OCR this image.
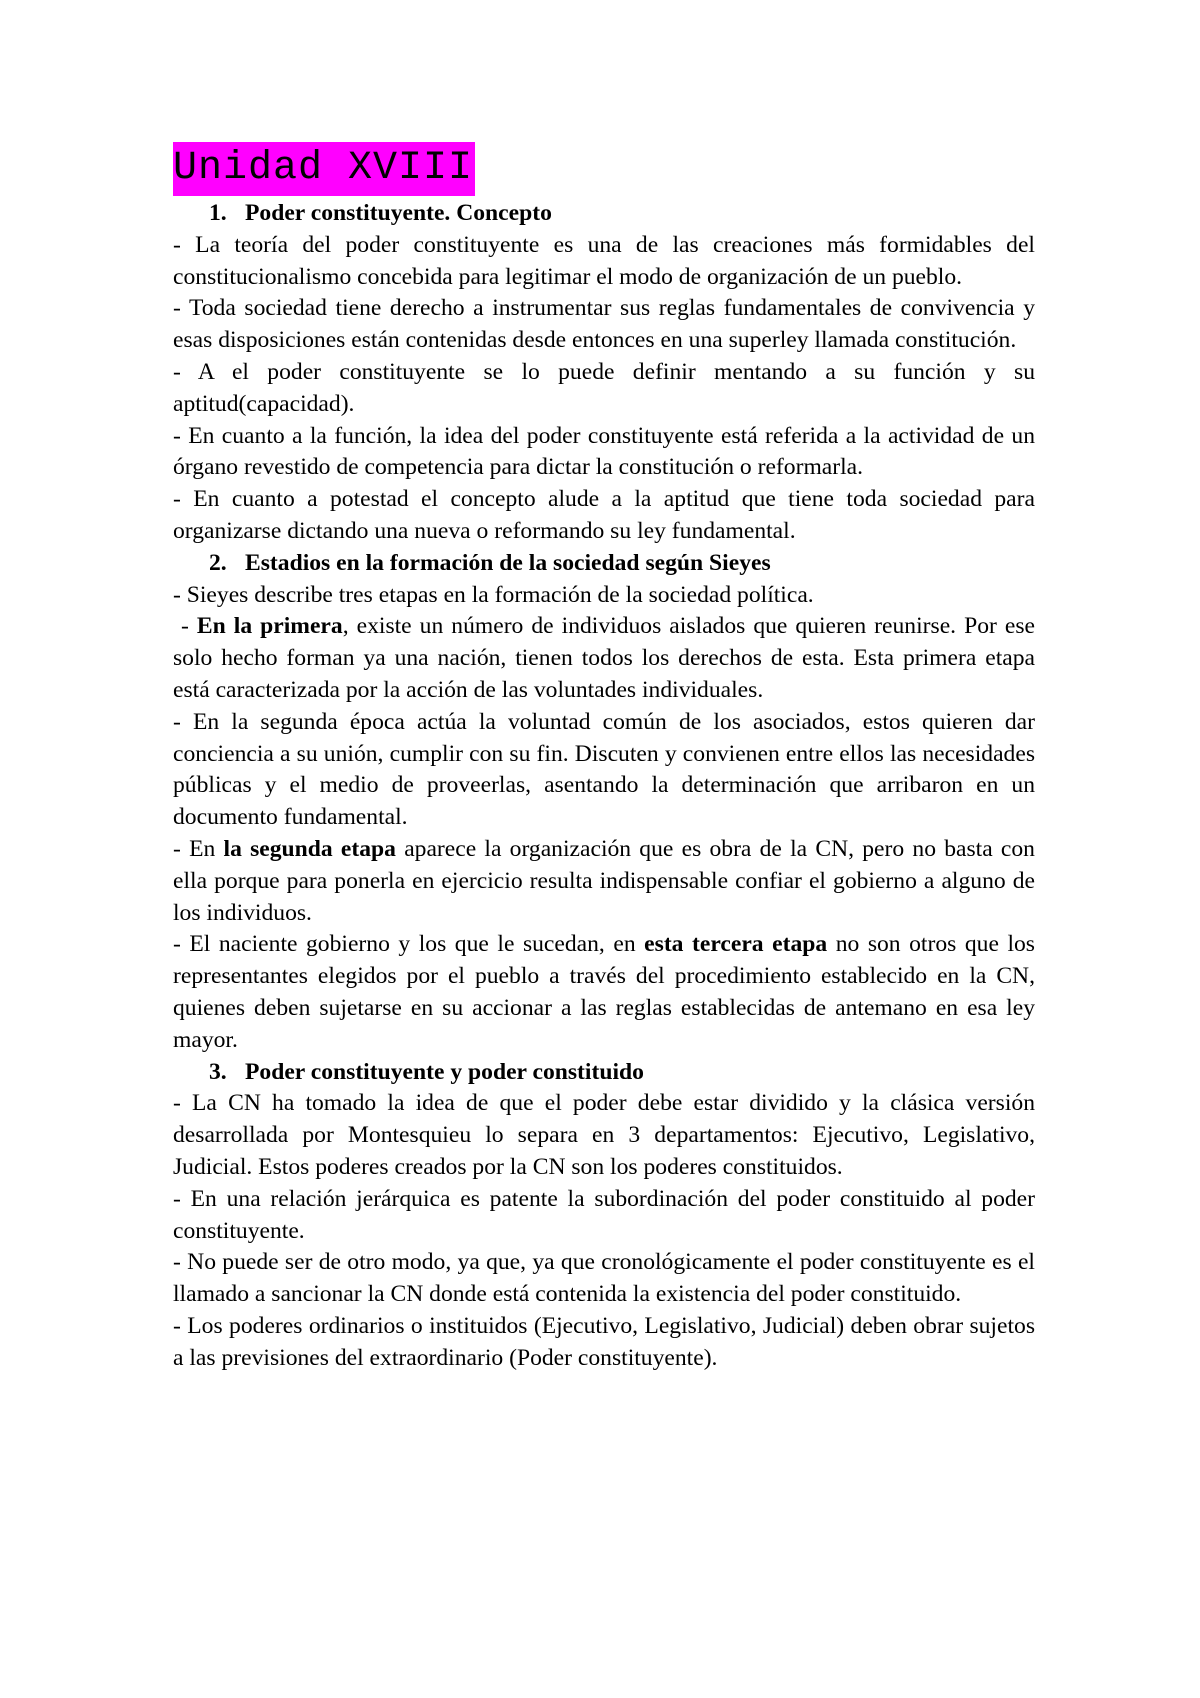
Unidad XVIII

1. Poder constituyente. Concepto

- La teoría del poder constituyente es una de las creaciones más formidables del constitucionalismo concebida para legitimar el modo de organización de un pueblo.

- Toda sociedad tiene derecho a instrumentar sus reglas fundamentales de convivencia y esas disposiciones están contenidas desde entonces en una superley llamada constitución.

- A el poder constituyente se lo puede definir mentando a su función y su aptitud(capacidad).

- En cuanto a la función, la idea del poder constituyente está referida a la actividad de un órgano revestido de competencia para dictar la constitución o reformarla.

- En cuanto a potestad el concepto alude a la aptitud que tiene toda sociedad para organizarse dictando una nueva o reformando su ley fundamental.

2. Estadios en la formación de la sociedad según Sieyes

- Sieyes describe tres etapas en la formación de la sociedad política.

- En la primera, existe un número de individuos aislados que quieren reunirse. Por ese solo hecho forman ya una nación, tienen todos los derechos de esta. Esta primera etapa está caracterizada por la acción de las voluntades individuales.

- En la segunda época actúa la voluntad común de los asociados, estos quieren dar conciencia a su unión, cumplir con su fin. Discuten y convienen entre ellos las necesidades públicas y el medio de proveerlas, asentando la determinación que arribaron en un documento fundamental.

- En la segunda etapa aparece la organización que es obra de la CN, pero no basta con ella porque para ponerla en ejercicio resulta indispensable confiar el gobierno a alguno de los individuos.

- El naciente gobierno y los que le sucedan, en esta tercera etapa no son otros que los representantes elegidos por el pueblo a través del procedimiento establecido en la CN, quienes deben sujetarse en su accionar a las reglas establecidas de antemano en esa ley mayor.

3. Poder constituyente y poder constituido

- La CN ha tomado la idea de que el poder debe estar dividido y la clásica versión desarrollada por Montesquieu lo separa en 3 departamentos: Ejecutivo, Legislativo, Judicial. Estos poderes creados por la CN son los poderes constituidos.

- En una relación jerárquica es patente la subordinación del poder constituido al poder constituyente.

- No puede ser de otro modo, ya que, ya que cronológicamente el poder constituyente es el llamado a sancionar la CN donde está contenida la existencia del poder constituido.

- Los poderes ordinarios o instituidos (Ejecutivo, Legislativo, Judicial) deben obrar sujetos a las previsiones del extraordinario (Poder constituyente).
